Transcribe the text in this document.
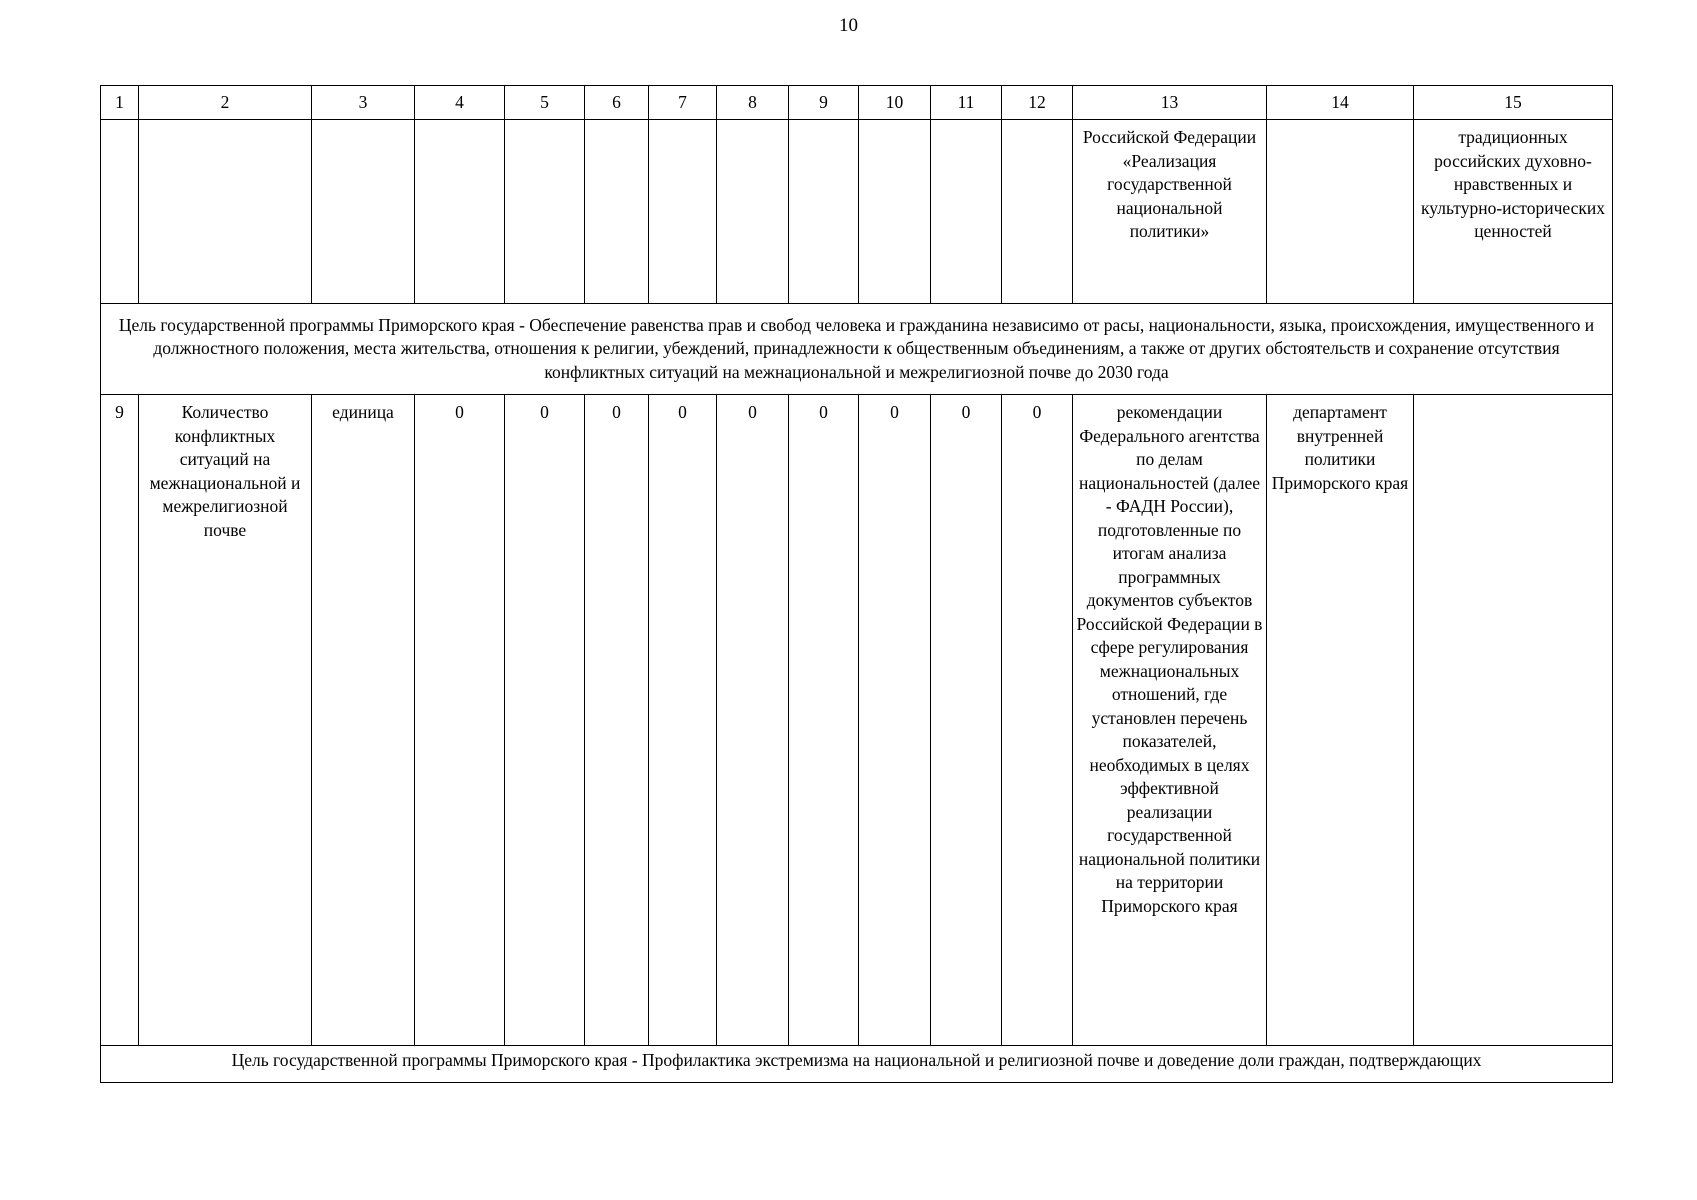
10
1	2	3	4	5	6	7	8	9	10	11	12	13	14	15
												Российской Федерации «Реализация государственной национальной политики»		традиционных российских духовно-нравственных и культурно-исторических ценностей
Цель государственной программы Приморского края - Обеспечение равенства прав и свобод человека и гражданина независимо от расы, национальности, языка, происхождения, имущественного и должностного положения, места жительства, отношения к религии, убеждений, принадлежности к общественным объединениям, а также от других обстоятельств и сохранение отсутствия конфликтных ситуаций на межнациональной и межрелигиозной почве до 2030 года														
9	Количество конфликтных ситуаций на межнациональной и межрелигиозной почве	единица	0	0	0	0	0	0	0	0	0	рекомендации Федерального агентства по делам национальностей (далее - ФАДН России), подготовленные по итогам анализа программных документов субъектов Российской Федерации в сфере регулирования межнациональных отношений, где установлен перечень показателей, необходимых в целях эффективной реализации государственной национальной политики на территории Приморского края	департамент внутренней политики Приморского края	
Цель государственной программы Приморского края - Профилактика экстремизма на национальной и религиозной почве и доведение доли граждан, подтверждающих														
